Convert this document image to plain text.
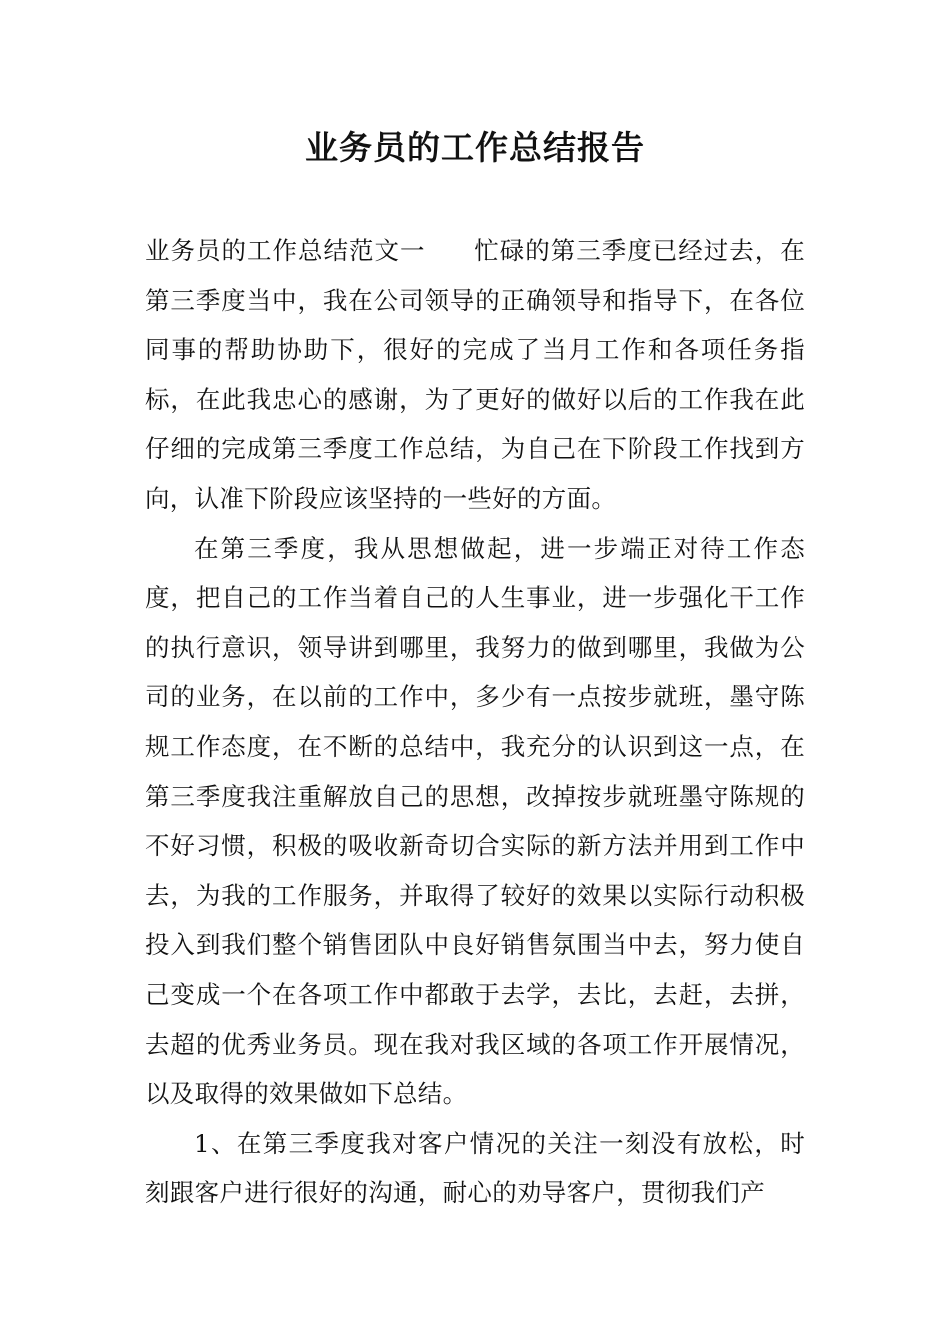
业务员的工作总结报告

业务员的工作总结范文一 忙碌的第三季度已经过去，在第三季度当中，我在公司领导的正确领导和指导下，在各位同事的帮助协助下，很好的完成了当月工作和各项任务指标，在此我忠心的感谢，为了更好的做好以后的工作我在此仔细的完成第三季度工作总结，为自己在下阶段工作找到方向，认准下阶段应该坚持的一些好的方面。

在第三季度，我从思想做起，进一步端正对待工作态度，把自己的工作当着自己的人生事业，进一步强化干工作的执行意识，领导讲到哪里，我努力的做到哪里，我做为公司的业务，在以前的工作中，多少有一点按步就班，墨守陈规工作态度，在不断的总结中，我充分的认识到这一点，在第三季度我注重解放自己的思想，改掉按步就班墨守陈规的不好习惯，积极的吸收新奇切合实际的新方法并用到工作中去，为我的工作服务，并取得了较好的效果以实际行动积极投入到我们整个销售团队中良好销售氛围当中去，努力使自己变成一个在各项工作中都敢于去学，去比，去赶，去拼，去超的优秀业务员。现在我对我区域的各项工作开展情况，以及取得的效果做如下总结。

1、在第三季度我对客户情况的关注一刻没有放松，时刻跟客户进行很好的沟通，耐心的劝导客户，贯彻我们产
